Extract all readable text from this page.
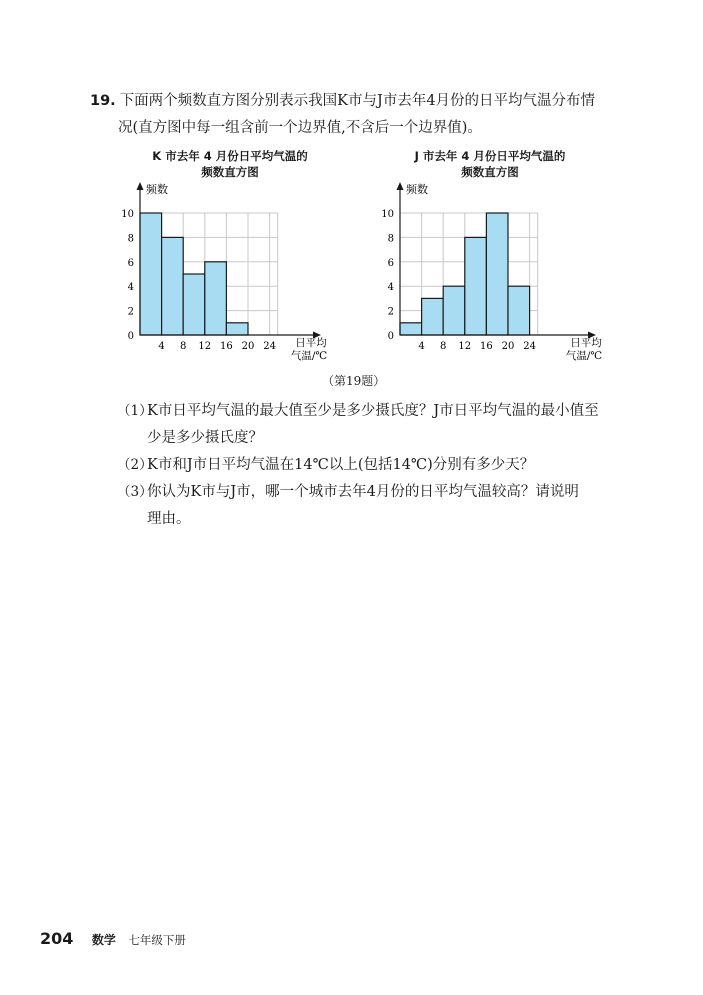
19. 下面两个频数直方图分别表示我国K市与J市去年4月份的日平均气温分布情

况(直方图中每一组含前一个边界值,不含后一个边界值)。

K 市去年 4 月份日平均气温的
频数直方图
0
2
4
6
8
10
4 8 12 16 20 24
频数
日平均
气温/℃
J 市去年 4 月份日平均气温的
频数直方图
0
2
4
6
8
10
4 8 12 16 20 24
频数
日平均
气温/℃
（第19题）
（1）
K市日平均气温的最大值至少是多少摄氏度？J市日平均气温的最小值至
少是多少摄氏度？
（2）
K市和J市日平均气温在14℃以上(包括14℃)分别有多少天？
（3）
你认为K市与J市，哪一个城市去年4月份的日平均气温较高？请说明
理由。
204 数学 七年级下册
